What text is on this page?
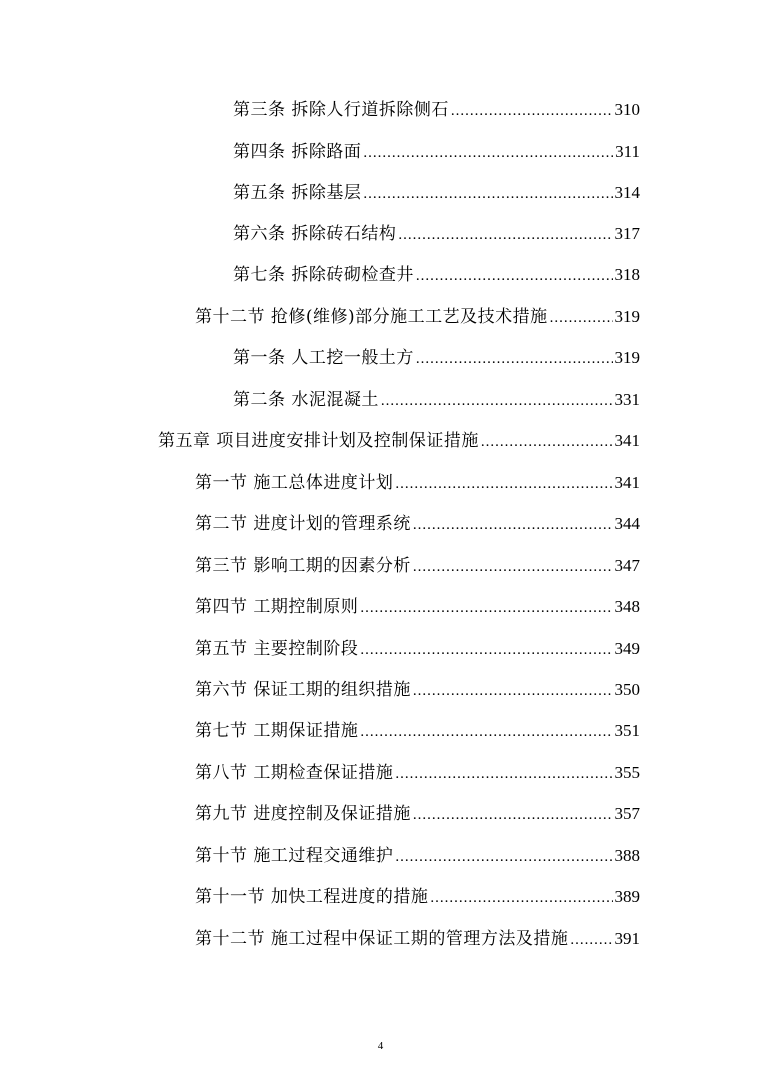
第三条 拆除人行道拆除侧石 .....	310
第四条 拆除路面 .....	311
第五条 拆除基层 .....	314
第六条 拆除砖石结构 .....	317
第七条 拆除砖砌检查井 .....	318
第十二节 抢修(维修)部分施工工艺及技术措施 .....	319
第一条 人工挖一般土方 .....	319
第二条 水泥混凝土 .....	331
第五章 项目进度安排计划及控制保证措施 .....	341
第一节 施工总体进度计划 .....	341
第二节 进度计划的管理系统 .....	344
第三节 影响工期的因素分析 .....	347
第四节 工期控制原则 .....	348
第五节 主要控制阶段 .....	349
第六节 保证工期的组织措施 .....	350
第七节 工期保证措施 .....	351
第八节 工期检查保证措施 .....	355
第九节 进度控制及保证措施 .....	357
第十节 施工过程交通维护 .....	388
第十一节 加快工程进度的措施 .....	389
第十二节 施工过程中保证工期的管理方法及措施 .....	391
4
